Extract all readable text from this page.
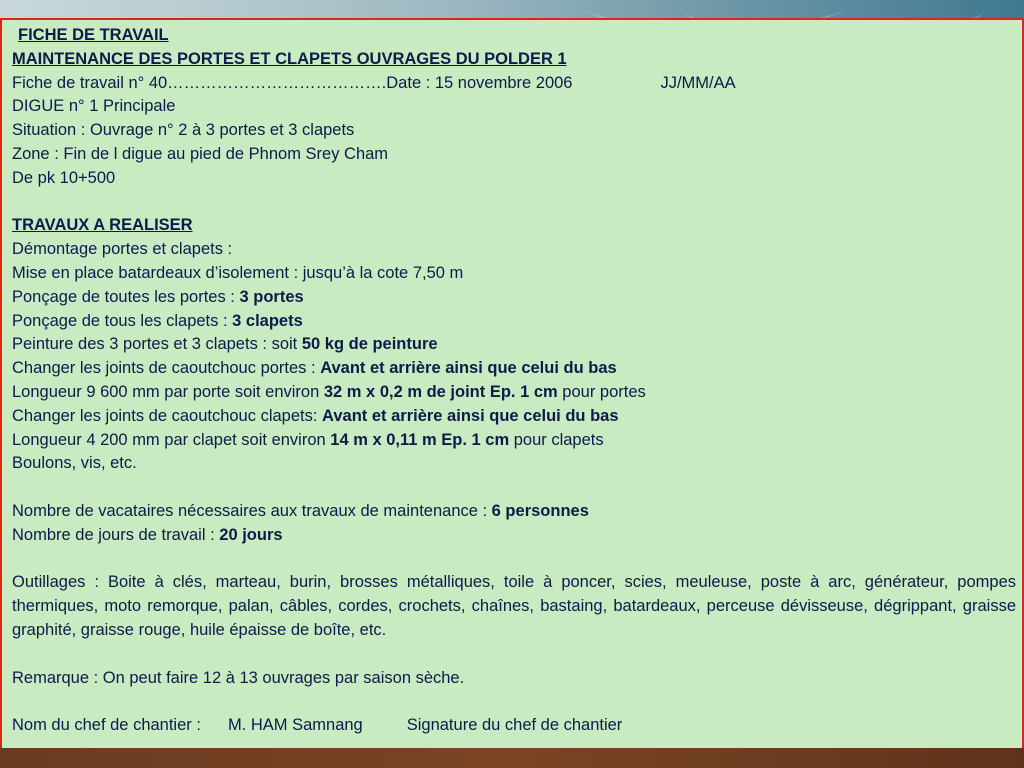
FICHE DE TRAVAIL
MAINTENANCE DES PORTES ET CLAPETS OUVRAGES DU POLDER 1
Fiche de travail n° 40………………………………….Date : 15 novembre 2006	JJ/MM/AA
DIGUE n° 1 Principale
Situation : Ouvrage n° 2 à 3 portes et 3 clapets
Zone : Fin de l digue au pied de Phnom Srey Cham
De pk 10+500
TRAVAUX A REALISER
Démontage portes et clapets :
Mise en place batardeaux d’isolement : jusqu’à la cote 7,50 m
Ponçage de toutes les portes : 3 portes
Ponçage de tous les clapets : 3 clapets
Peinture des 3 portes et 3 clapets : soit 50 kg de peinture
Changer les joints de caoutchouc portes : Avant et arrière ainsi que celui du bas
Longueur 9 600 mm par porte soit environ 32 m x 0,2 m de joint Ep. 1 cm pour portes
Changer les joints de caoutchouc clapets: Avant et arrière ainsi que celui du bas
Longueur 4 200 mm par clapet soit environ 14 m x 0,11 m Ep. 1 cm pour clapets
Boulons, vis, etc.
Nombre de vacataires nécessaires aux travaux de maintenance : 6 personnes
Nombre de jours de travail : 20 jours
Outillages : Boite à clés, marteau, burin, brosses métalliques, toile à poncer, scies, meuleuse, poste à arc, générateur, pompes thermiques, moto remorque, palan, câbles, cordes, crochets, chaînes, bastaing, batardeaux, perceuse dévisseuse, dégrippant, graisse graphité, graisse rouge, huile épaisse de boîte, etc.
Remarque : On peut faire 12 à 13 ouvrages par saison sèche.
Nom du chef de chantier : M. HAM Samnang	Signature du chef de chantier
